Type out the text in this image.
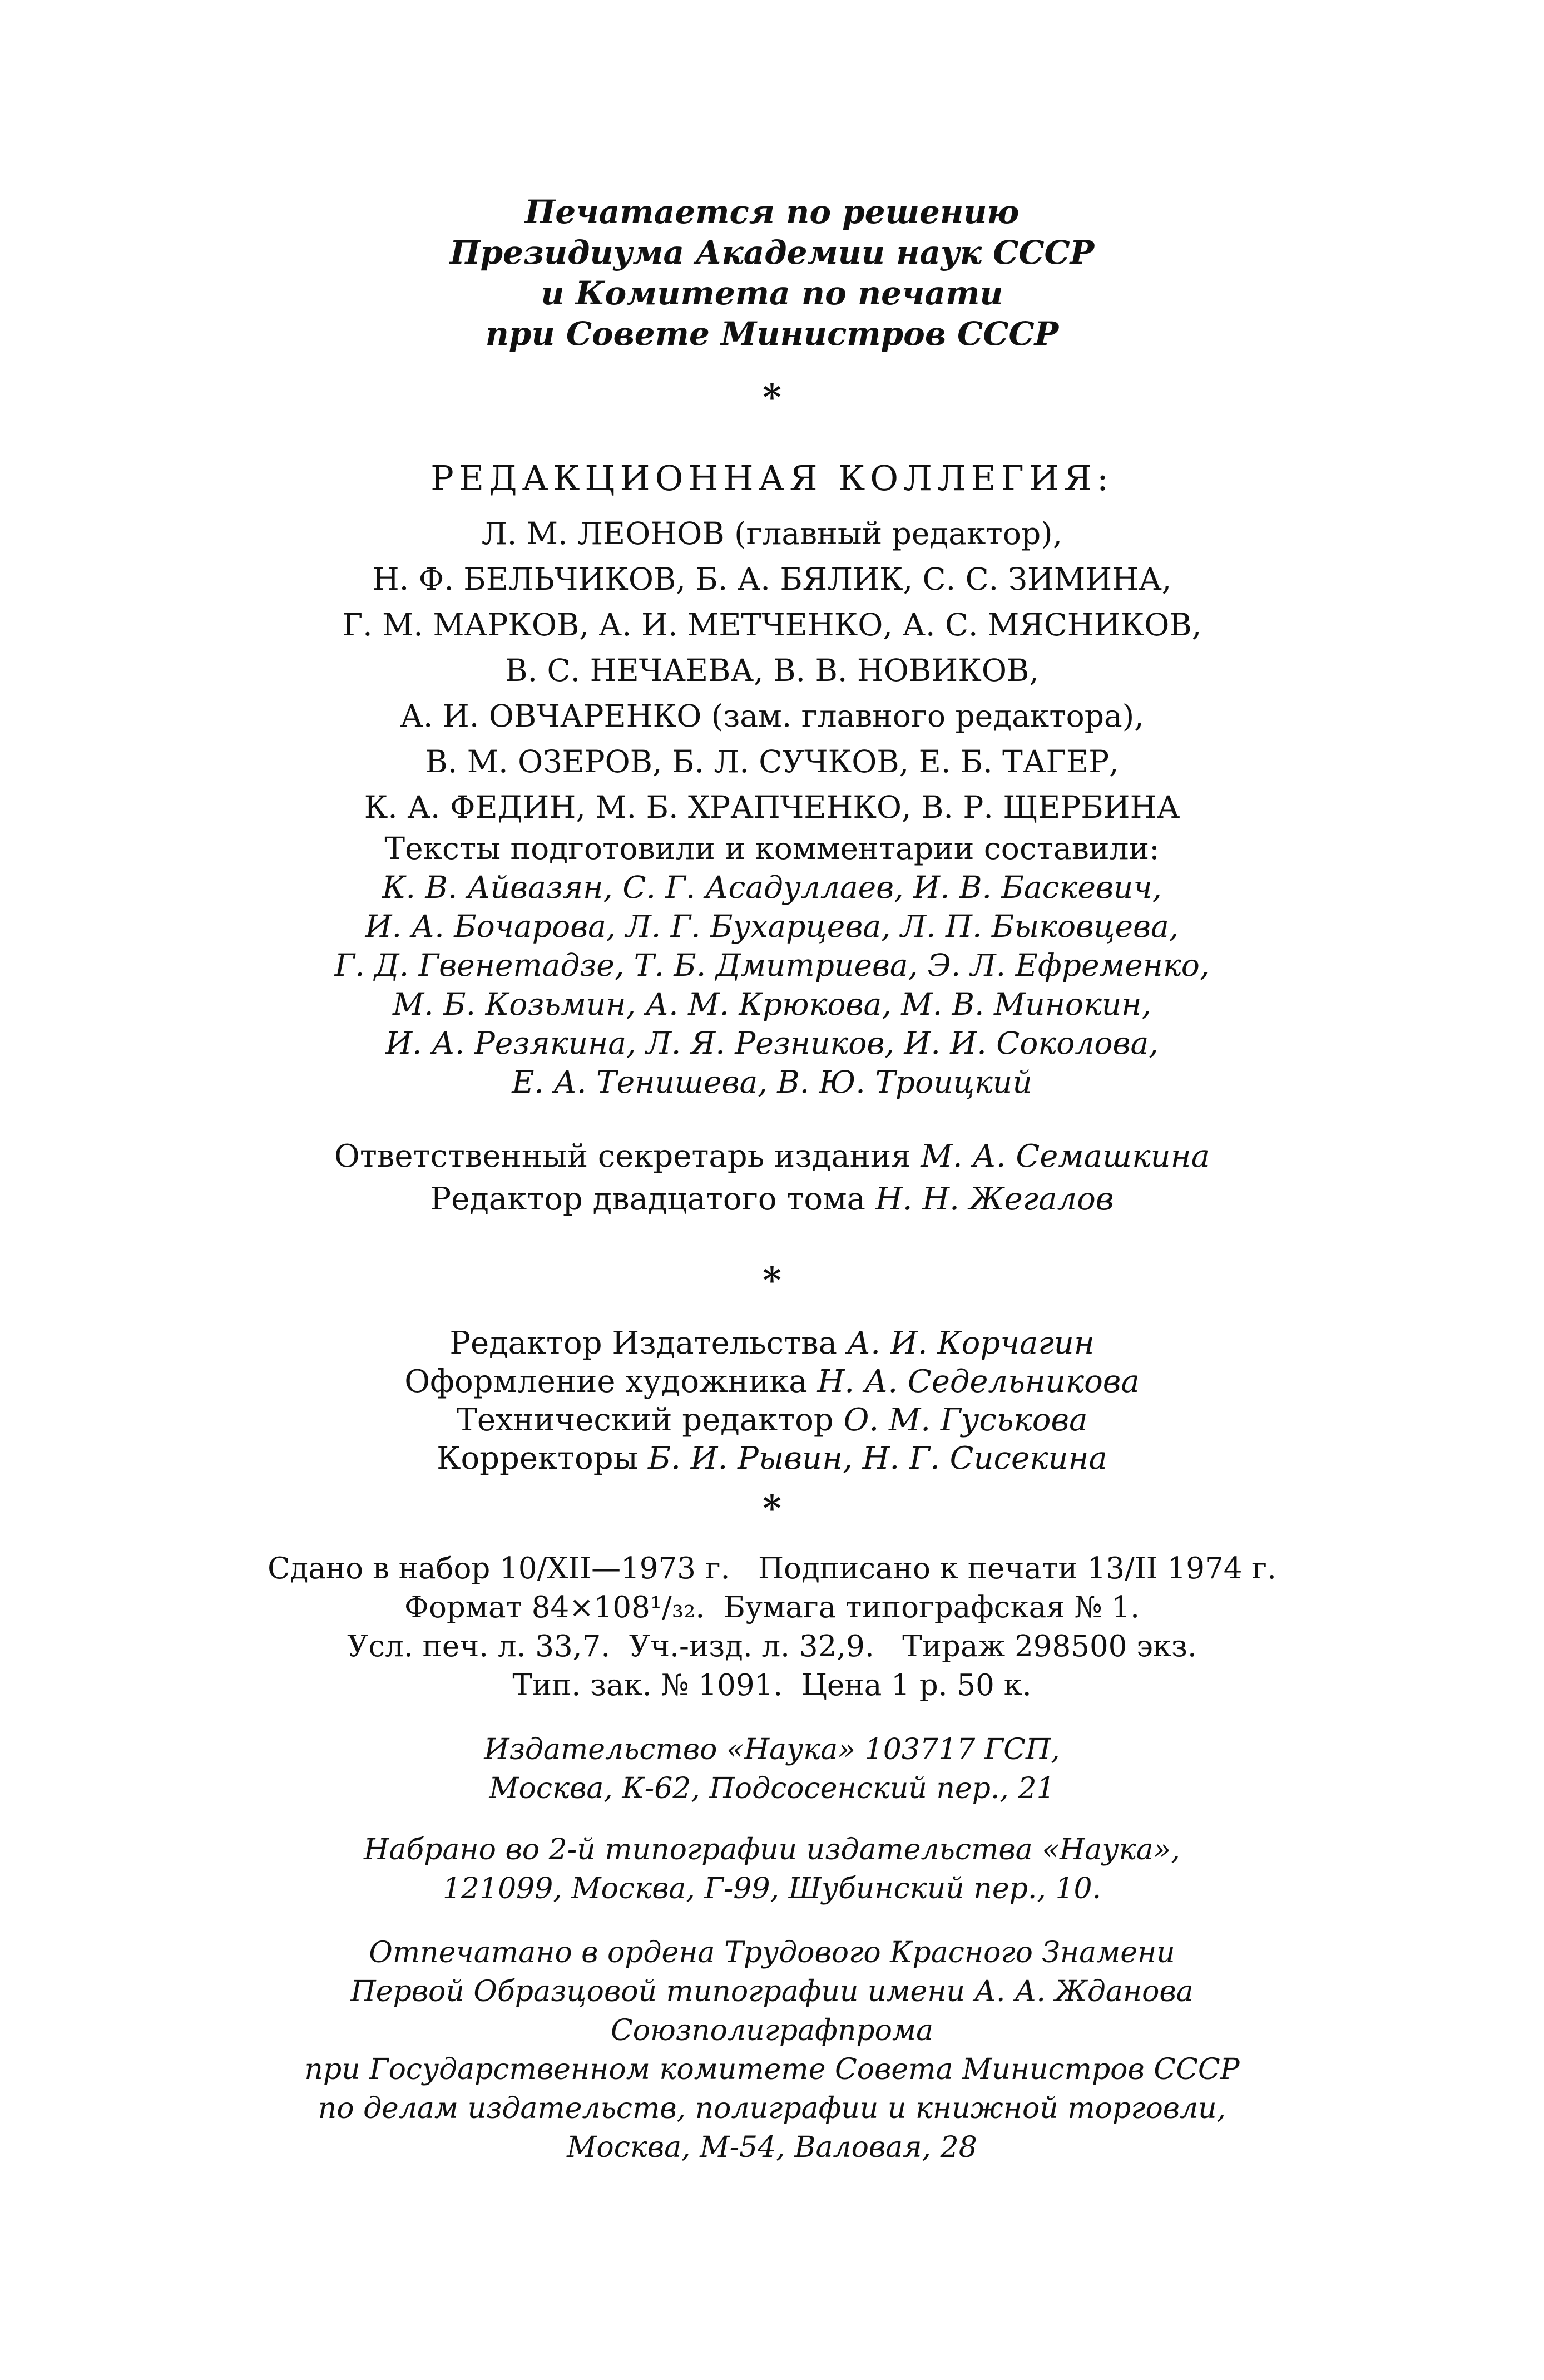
Печатается по решению
Президиума Академии наук СССР
и Комитета по печати
при Совете Министров СССР
*
РЕДАКЦИОННАЯ КОЛЛЕГИЯ:
Л. М. ЛЕОНОВ (главный редактор),
Н. Ф. БЕЛЬЧИКОВ, Б. А. БЯЛИК, С. С. ЗИМИНА,
Г. М. МАРКОВ, А. И. МЕТЧЕНКО, А. С. МЯСНИКОВ,
В. С. НЕЧАЕВА, В. В. НОВИКОВ,
А. И. ОВЧАРЕНКО (зам. главного редактора),
В. М. ОЗЕРОВ, Б. Л. СУЧКОВ, Е. Б. ТАГЕР,
К. А. ФЕДИН, М. Б. ХРАПЧЕНКО, В. Р. ЩЕРБИНА
Тексты подготовили и комментарии составили:
К. В. Айвазян, С. Г. Асадуллаев, И. В. Баскевич,
И. А. Бочарова, Л. Г. Бухарцева, Л. П. Быковцева,
Г. Д. Гвенетадзе, Т. Б. Дмитриева, Э. Л. Ефременко,
М. Б. Козьмин, А. М. Крюкова, М. В. Минокин,
И. А. Резякина, Л. Я. Резников, И. И. Соколова,
Е. А. Тенишева, В. Ю. Троицкий
Ответственный секретарь издания М. А. Семашкина
Редактор двадцатого тома Н. Н. Жегалов
*
Редактор Издательства А. И. Корчагин
Оформление художника Н. А. Седельникова
Технический редактор О. М. Гуськова
Корректоры Б. И. Рывин, Н. Г. Сисекина
*
Сдано в набор 10/XII—1973 г.   Подписано к печати 13/II 1974 г.
Формат 84×108¹/₃₂.  Бумага типографская № 1.
Усл. печ. л. 33,7.  Уч.-изд. л. 32,9.   Тираж 298500 экз.
Тип. зак. № 1091.  Цена 1 р. 50 к.
Издательство «Наука» 103717 ГСП,
Москва, К-62, Подсосенский пер., 21
Набрано во 2-й типографии издательства «Наука»,
121099, Москва, Г-99, Шубинский пер., 10.
Отпечатано в ордена Трудового Красного Знамени
Первой Образцовой типографии имени А. А. Жданова
Союзполиграфпрома
при Государственном комитете Совета Министров СССР
по делам издательств, полиграфии и книжной торговли,
Москва, М-54, Валовая, 28
